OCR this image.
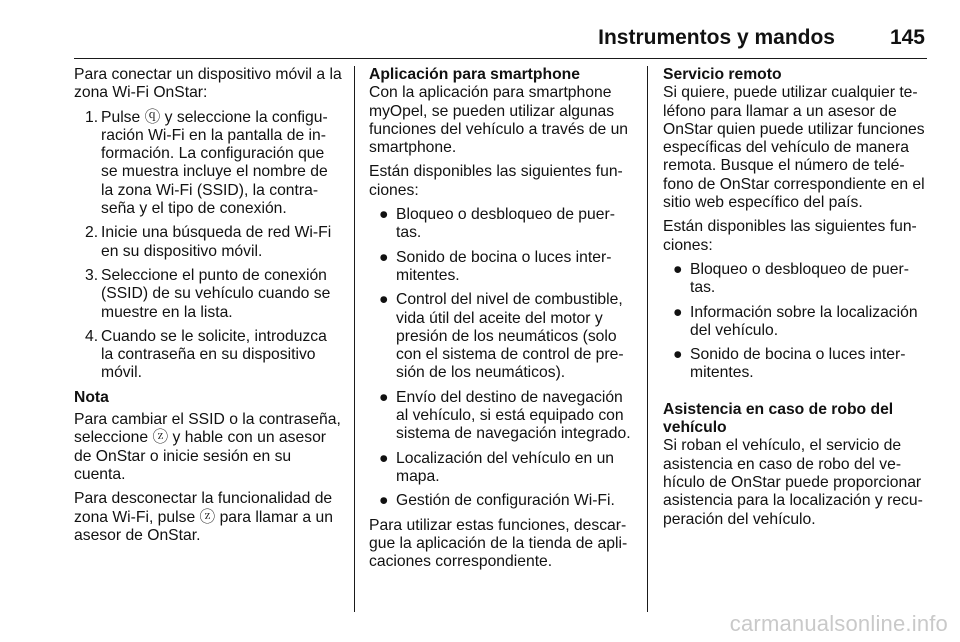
Instrumentos y mandos	145

Para conectar un dispositivo móvil a la zona Wi-Fi OnStar:

1. Pulse ⓠ y seleccione la configuración Wi-Fi en la pantalla de información. La configuración que se muestra incluye el nombre de la zona Wi-Fi (SSID), la contraseña y el tipo de conexión.
2. Inicie una búsqueda de red Wi-Fi en su dispositivo móvil.
3. Seleccione el punto de conexión (SSID) de su vehículo cuando se muestre en la lista.
4. Cuando se le solicite, introduzca la contraseña en su dispositivo móvil.

Nota

Para cambiar el SSID o la contraseña, seleccione ⓩ y hable con un asesor de OnStar o inicie sesión en su cuenta.

Para desconectar la funcionalidad de zona Wi-Fi, pulse ⓩ para llamar a un asesor de OnStar.

Aplicación para smartphone

Con la aplicación para smartphone myOpel, se pueden utilizar algunas funciones del vehículo a través de un smartphone.

Están disponibles las siguientes funciones:

● Bloqueo o desbloqueo de puertas.
● Sonido de bocina o luces intermitentes.
● Control del nivel de combustible, vida útil del aceite del motor y presión de los neumáticos (solo con el sistema de control de presión de los neumáticos).
● Envío del destino de navegación al vehículo, si está equipado con sistema de navegación integrado.
● Localización del vehículo en un mapa.
● Gestión de configuración Wi-Fi.

Para utilizar estas funciones, descargue la aplicación de la tienda de aplicaciones correspondiente.

Servicio remoto

Si quiere, puede utilizar cualquier teléfono para llamar a un asesor de OnStar quien puede utilizar funciones específicas del vehículo de manera remota. Busque el número de teléfono de OnStar correspondiente en el sitio web específico del país.

Están disponibles las siguientes funciones:

● Bloqueo o desbloqueo de puertas.
● Información sobre la localización del vehículo.
● Sonido de bocina o luces intermitentes.

Asistencia en caso de robo del vehículo

Si roban el vehículo, el servicio de asistencia en caso de robo del vehículo de OnStar puede proporcionar asistencia para la localización y recuperación del vehículo.

carmanualsonline.info
